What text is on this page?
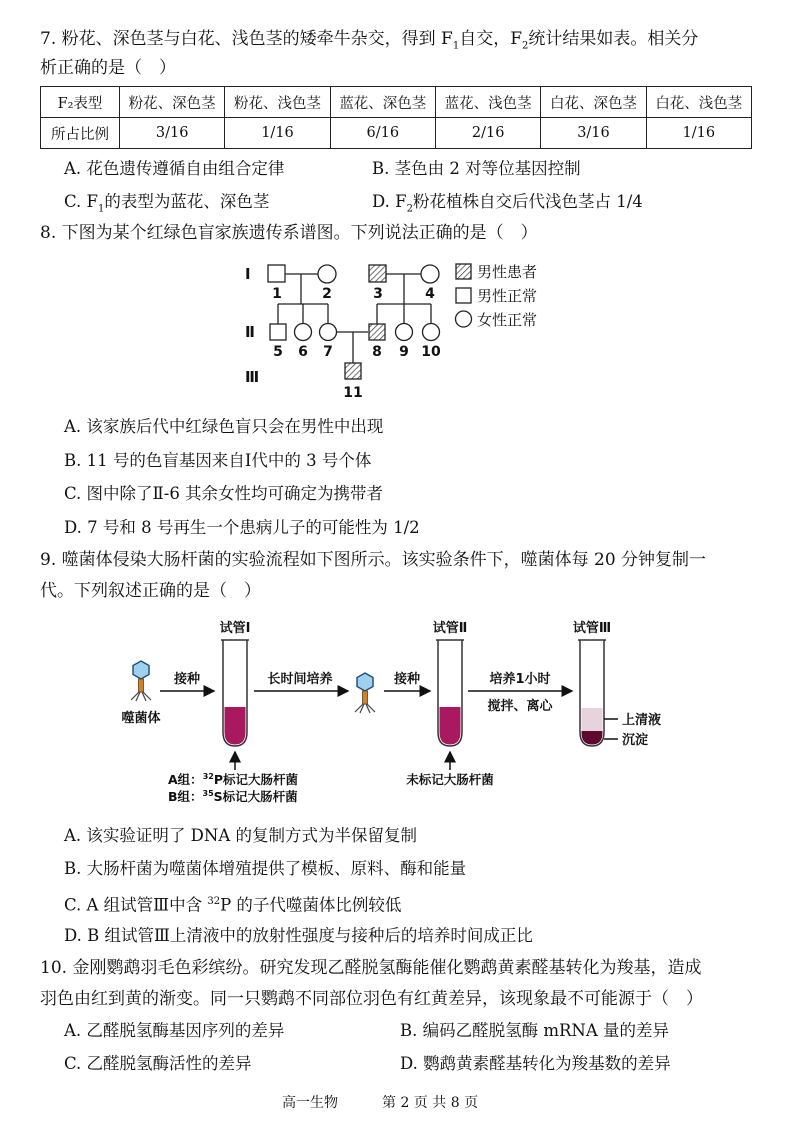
7. 粉花、深色茎与白花、浅色茎的矮牵牛杂交，得到 $F_1$自交，$F_2$统计结果如表。相关分
析正确的是（　）
F₂表型	粉花、深色茎	粉花、浅色茎	蓝花、深色茎	蓝花、浅色茎	白花、深色茎	白花、浅色茎
所占比例	3/16	1/16	6/16	2/16	3/16	1/16
A. 花色遗传遵循自由组合定律	B. 茎色由 2 对等位基因控制
C. $F_1$的表型为蓝花、深色茎	D. $F_2$粉花植株自交后代浅色茎占 1/4
8. 下图为某个红绿色盲家族遗传系谱图。下列说法正确的是（　）
Ⅰ
Ⅱ
Ⅲ
1	2	3	4
5 6 7	8 9 10
11
男性患者
男性正常
女性正常
A. 该家族后代中红绿色盲只会在男性中出现
B. 11 号的色盲基因来自Ⅰ代中的 3 号个体
C. 图中除了Ⅱ-6 其余女性均可确定为携带者
D. 7 号和 8 号再生一个患病儿子的可能性为 1/2
9. 噬菌体侵染大肠杆菌的实验流程如下图所示。该实验条件下，噬菌体每 20 分钟复制一
代。下列叙述正确的是（　）
试管Ⅰ	试管Ⅱ	试管Ⅲ
噬菌体
接种	长时间培养	接种	培养1小时
搅拌、离心
上清液
沉淀
A组：$^{32}$P标记大肠杆菌
B组：$^{35}$S标记大肠杆菌
未标记大肠杆菌
A. 该实验证明了 DNA 的复制方式为半保留复制
B. 大肠杆菌为噬菌体增殖提供了模板、原料、酶和能量
C. A 组试管Ⅲ中含 $^{32}$P 的子代噬菌体比例较低
D. B 组试管Ⅲ上清液中的放射性强度与接种后的培养时间成正比
10. 金刚鹦鹉羽毛色彩缤纷。研究发现乙醛脱氢酶能催化鹦鹉黄素醛基转化为羧基，造成
羽色由红到黄的渐变。同一只鹦鹉不同部位羽色有红黄差异，该现象最不可能源于（　）
A. 乙醛脱氢酶基因序列的差异	B. 编码乙醛脱氢酶 mRNA 量的差异
C. 乙醛脱氢酶活性的差异	D. 鹦鹉黄素醛基转化为羧基数的差异
高一生物	第 2 页 共 8 页
